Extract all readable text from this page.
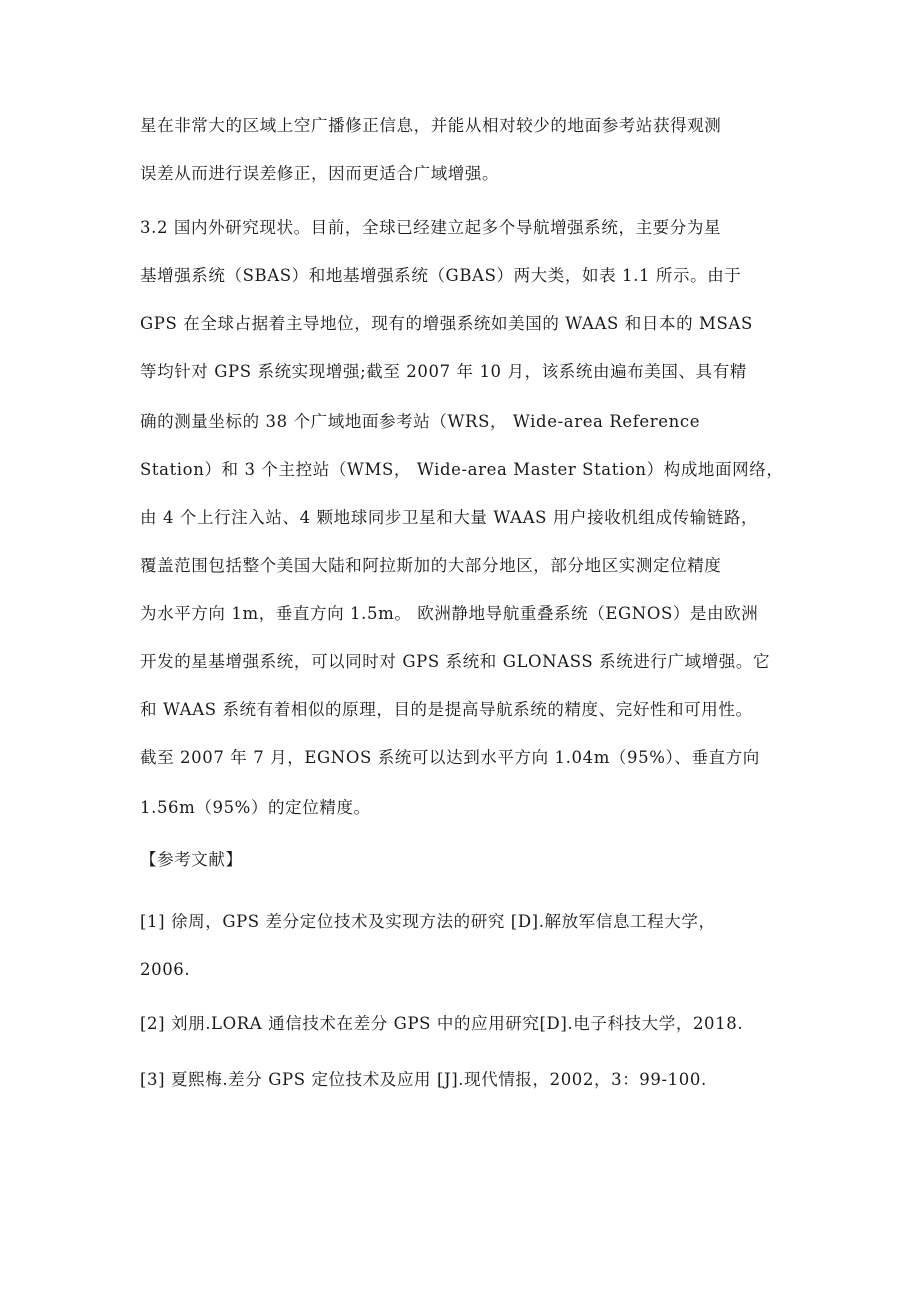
星在非常大的区域上空广播修正信息，并能从相对较少的地面参考站获得观测
误差从而进行误差修正，因而更适合广域增强。
3.2 国内外研究现状。目前，全球已经建立起多个导航增强系统，主要分为星
基增强系统（SBAS）和地基增强系统（GBAS）两大类，如表 1.1 所示。由于
GPS 在全球占据着主导地位，现有的增强系统如美国的 WAAS 和日本的 MSAS
等均针对 GPS 系统实现增强;截至 2007 年 10 月，该系统由遍布美国、具有精
确的测量坐标的 38 个广域地面参考站（WRS， Wide-area Reference
Station）和 3 个主控站（WMS， Wide-area Master Station）构成地面网络，
由 4 个上行注入站、4 颗地球同步卫星和大量 WAAS 用户接收机组成传输链路，
覆盖范围包括整个美国大陆和阿拉斯加的大部分地区，部分地区实测定位精度
为水平方向 1m，垂直方向 1.5m。 欧洲静地导航重叠系统（EGNOS）是由欧洲
开发的星基增强系统，可以同时对 GPS 系统和 GLONASS 系统进行广域增强。它
和 WAAS 系统有着相似的原理，目的是提高导航系统的精度、完好性和可用性。
截至 2007 年 7 月，EGNOS 系统可以达到水平方向 1.04m（95%）、垂直方向
1.56m（95%）的定位精度。
【参考文献】
[1] 徐周，GPS 差分定位技术及实现方法的研究 [D].解放军信息工程大学，
2006.
[2] 刘朋.LORA 通信技术在差分 GPS 中的应用研究[D].电子科技大学，2018.
[3] 夏熙梅.差分 GPS 定位技术及应用 [J].现代情报，2002，3：99-100.
